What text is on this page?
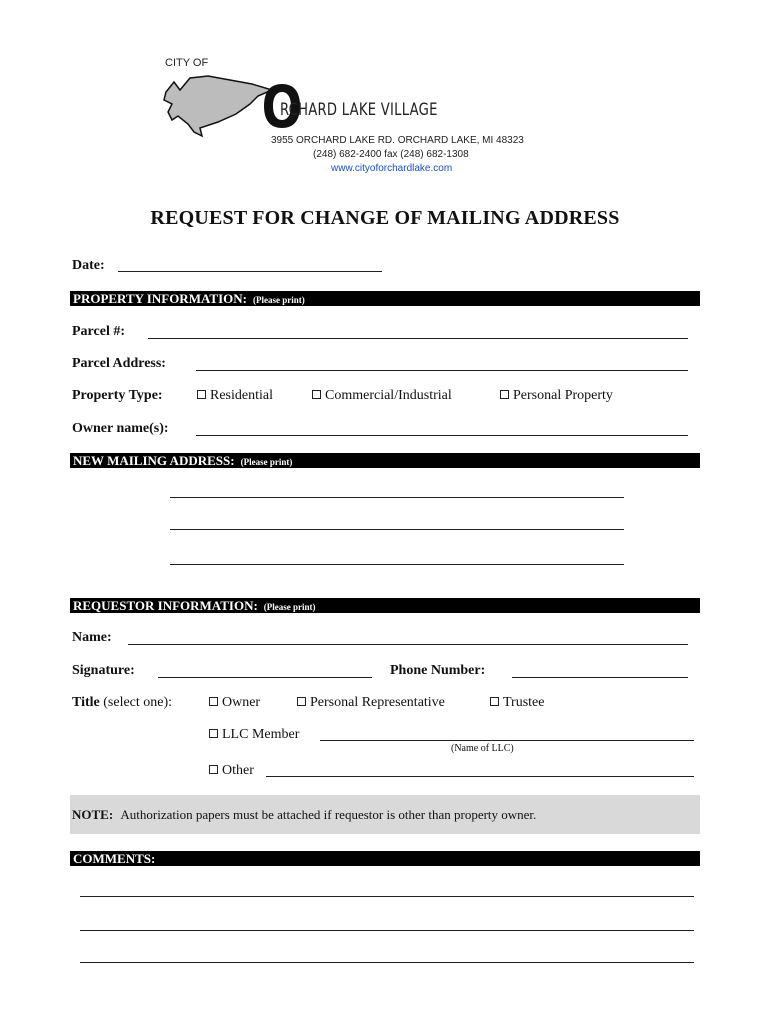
CITY OF
RCHARD LAKE VILLAGE
3955 ORCHARD LAKE RD. ORCHARD LAKE, MI 48323
(248) 682-2400 fax (248) 682-1308
www.cityoforchardlake.com
REQUEST FOR CHANGE OF MAILING ADDRESS
Date:
PROPERTY INFORMATION: (Please print)
Parcel #:
Parcel Address:
Property Type:	Residential	Commercial/Industrial	Personal Property
Owner name(s):
NEW MAILING ADDRESS: (Please print)
REQUESTOR INFORMATION: (Please print)
Name:
Signature:	Phone Number:
Title (select one):	Owner	Personal Representative	Trustee
LLC Member
(Name of LLC)
Other
NOTE: Authorization papers must be attached if requestor is other than property owner.
COMMENTS:
